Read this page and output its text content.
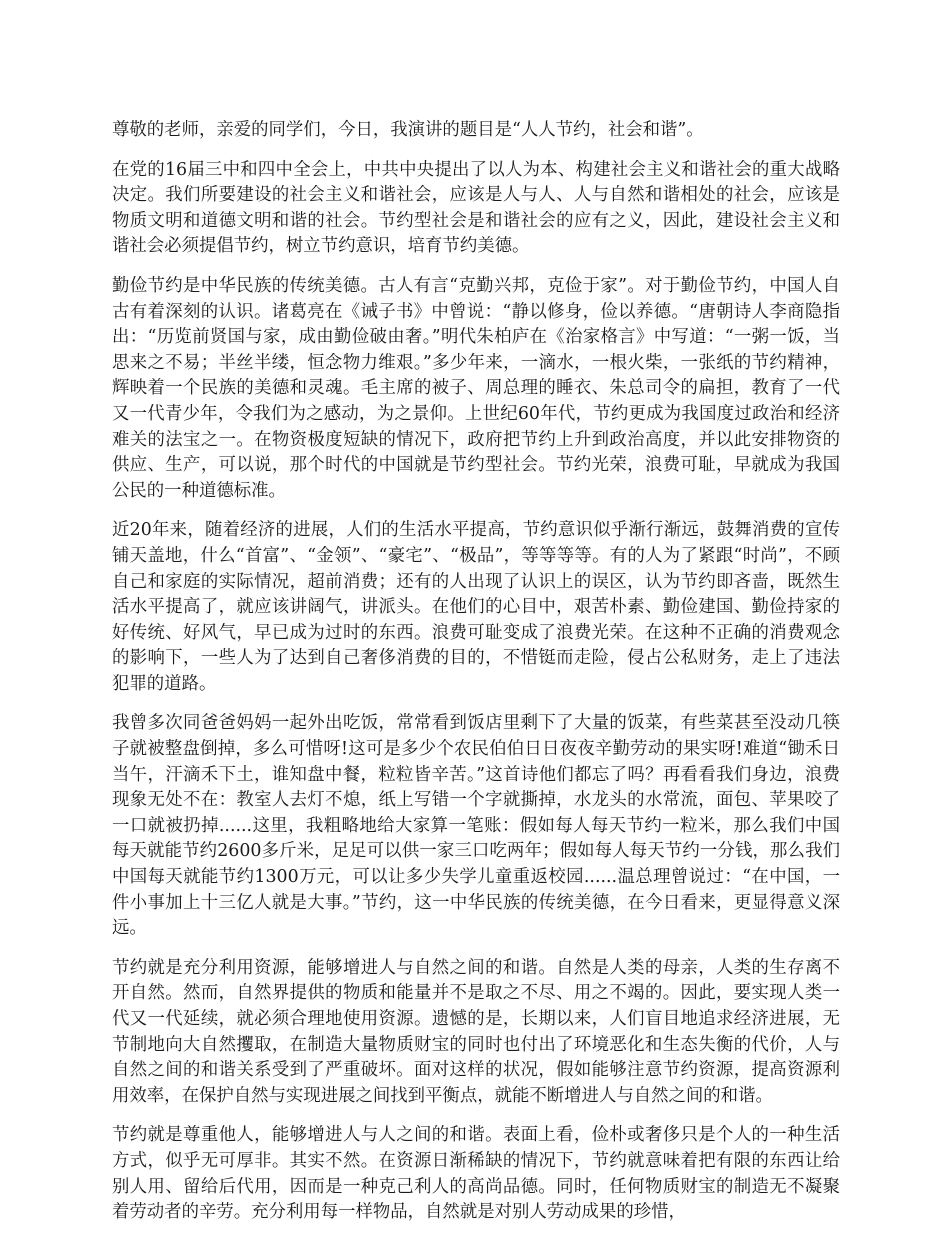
尊敬的老师，亲爱的同学们，今日，我演讲的题目是“人人节约，社会和谐”。

在党的16届三中和四中全会上，中共中央提出了以人为本、构建社会主义和谐社会的重大战略决定。我们所要建设的社会主义和谐社会，应该是人与人、人与自然和谐相处的社会，应该是物质文明和道德文明和谐的社会。节约型社会是和谐社会的应有之义，因此，建设社会主义和谐社会必须提倡节约，树立节约意识，培育节约美德。

勤俭节约是中华民族的传统美德。古人有言“克勤兴邦，克俭于家”。对于勤俭节约，中国人自古有着深刻的认识。诸葛亮在《诫子书》中曾说：“静以修身，俭以养德。“唐朝诗人李商隐指出：“历览前贤国与家，成由勤俭破由奢。”明代朱柏庐在《治家格言》中写道：“一粥一饭，当思来之不易；半丝半缕，恒念物力维艰。”多少年来，一滴水，一根火柴，一张纸的节约精神，辉映着一个民族的美德和灵魂。毛主席的被子、周总理的睡衣、朱总司令的扁担，教育了一代又一代青少年，令我们为之感动，为之景仰。上世纪60年代，节约更成为我国度过政治和经济难关的法宝之一。在物资极度短缺的情况下，政府把节约上升到政治高度，并以此安排物资的供应、生产，可以说，那个时代的中国就是节约型社会。节约光荣，浪费可耻，早就成为我国公民的一种道德标准。

近20年来，随着经济的进展，人们的生活水平提高，节约意识似乎渐行渐远，鼓舞消费的宣传铺天盖地，什么“首富”、“金领”、“豪宅”、“极品”，等等等等。有的人为了紧跟“时尚”，不顾自己和家庭的实际情况，超前消费；还有的人出现了认识上的误区，认为节约即吝啬，既然生活水平提高了，就应该讲阔气，讲派头。在他们的心目中，艰苦朴素、勤俭建国、勤俭持家的好传统、好风气，早已成为过时的东西。浪费可耻变成了浪费光荣。在这种不正确的消费观念的影响下，一些人为了达到自己奢侈消费的目的，不惜铤而走险，侵占公私财务，走上了违法犯罪的道路。

我曾多次同爸爸妈妈一起外出吃饭，常常看到饭店里剩下了大量的饭菜，有些菜甚至没动几筷子就被整盘倒掉，多么可惜呀!这可是多少个农民伯伯日日夜夜辛勤劳动的果实呀!难道“锄禾日当午，汗滴禾下土，谁知盘中餐，粒粒皆辛苦。”这首诗他们都忘了吗？再看看我们身边，浪费现象无处不在：教室人去灯不熄，纸上写错一个字就撕掉，水龙头的水常流，面包、苹果咬了一口就被扔掉......这里，我粗略地给大家算一笔账：假如每人每天节约一粒米，那么我们中国每天就能节约2600多斤米，足足可以供一家三口吃两年；假如每人每天节约一分钱，那么我们中国每天就能节约1300万元，可以让多少失学儿童重返校园......温总理曾说过：“在中国，一件小事加上十三亿人就是大事。”节约，这一中华民族的传统美德，在今日看来，更显得意义深远。

节约就是充分利用资源，能够增进人与自然之间的和谐。自然是人类的母亲，人类的生存离不开自然。然而，自然界提供的物质和能量并不是取之不尽、用之不竭的。因此，要实现人类一代又一代延续，就必须合理地使用资源。遗憾的是，长期以来，人们盲目地追求经济进展，无节制地向大自然攫取，在制造大量物质财宝的同时也付出了环境恶化和生态失衡的代价，人与自然之间的和谐关系受到了严重破坏。面对这样的状况，假如能够注意节约资源，提高资源利用效率，在保护自然与实现进展之间找到平衡点，就能不断增进人与自然之间的和谐。

节约就是尊重他人，能够增进人与人之间的和谐。表面上看，俭朴或奢侈只是个人的一种生活方式，似乎无可厚非。其实不然。在资源日渐稀缺的情况下，节约就意味着把有限的东西让给别人用、留给后代用，因而是一种克己利人的高尚品德。同时，任何物质财宝的制造无不凝聚着劳动者的辛劳。充分利用每一样物品，自然就是对别人劳动成果的珍惜，
